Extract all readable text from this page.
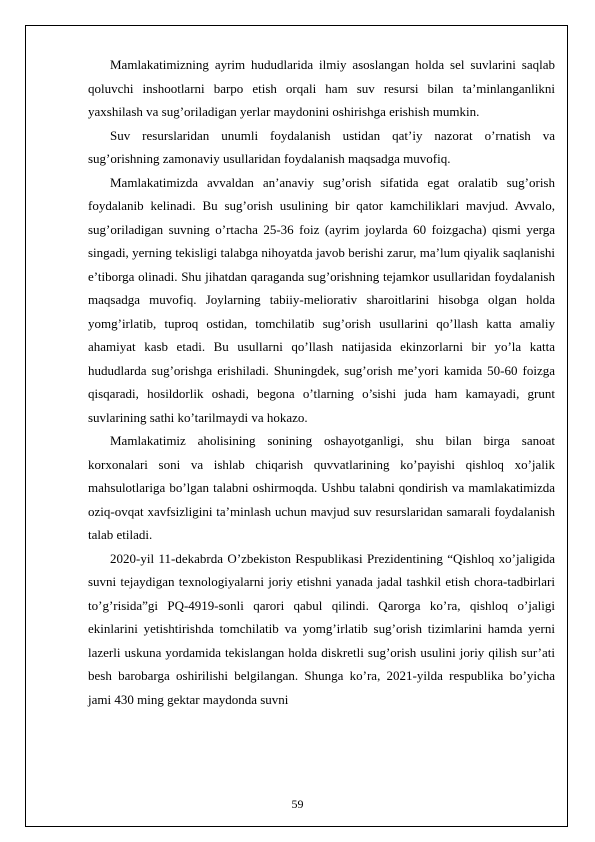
Mamlakatimizning ayrim hududlarida ilmiy asoslangan holda sel suvlarini saqlab qoluvchi inshootlarni barpo etish orqali ham suv resursi bilan ta’minlanganlikni yaxshilash va sug’oriladigan yerlar maydonini oshirishga erishish mumkin.

Suv resurslaridan unumli foydalanish ustidan qat’iy nazorat o’rnatish va sug’orishning zamonaviy usullaridan foydalanish maqsadga muvofiq.

Mamlakatimizda avvaldan an’anaviy sug’orish sifatida egat oralatib sug’orish foydalanib kelinadi. Bu sug’orish usulining bir qator kamchiliklari mavjud. Avvalo, sug’oriladigan suvning o’rtacha 25-36 foiz (ayrim joylarda 60 foizgacha) qismi yerga singadi, yerning tekisligi talabga nihoyatda javob berishi zarur, ma’lum qiyalik saqlanishi e’tiborga olinadi. Shu jihatdan qaraganda sug’orishning tejamkor usullaridan foydalanish maqsadga muvofiq. Joylarning tabiiy-meliorativ sharoitlarini hisobga olgan holda yomg’irlatib, tuproq ostidan, tomchilatib sug’orish usullarini qo’llash katta amaliy ahamiyat kasb etadi. Bu usullarni qo’llash natijasida ekinzorlarni bir yo’la katta hududlarda sug’orishga erishiladi. Shuningdek, sug’orish me’yori kamida 50-60 foizga qisqaradi, hosildorlik oshadi, begona o’tlarning o’sishi juda ham kamayadi, grunt suvlarining sathi ko’tarilmaydi va hokazo.

Mamlakatimiz aholisining sonining oshayotganligi, shu bilan birga sanoat korxonalari soni va ishlab chiqarish quvvatlarining ko’payishi qishloq xo’jalik mahsulotlariga bo’lgan talabni oshirmoqda. Ushbu talabni qondirish va mamlakatimizda oziq-ovqat xavfsizligini ta’minlash uchun mavjud suv resurslaridan samarali foydalanish talab etiladi.

2020-yil 11-dekabrda O’zbekiston Respublikasi Prezidentining “Qishloq xo’jaligida suvni tejaydigan texnologiyalarni joriy etishni yanada jadal tashkil etish chora-tadbirlari to’g’risida”gi PQ-4919-sonli qarori qabul qilindi. Qarorga ko’ra, qishloq o’jaligi ekinlarini yetishtirishda tomchilatib va yomg’irlatib sug’orish tizimlarini hamda yerni lazerli uskuna yordamida tekislangan holda diskretli sug’orish usulini joriy qilish sur’ati besh barobarga oshirilishi belgilangan. Shunga ko’ra, 2021-yilda respublika bo’yicha jami 430 ming gektar maydonda suvni

59
